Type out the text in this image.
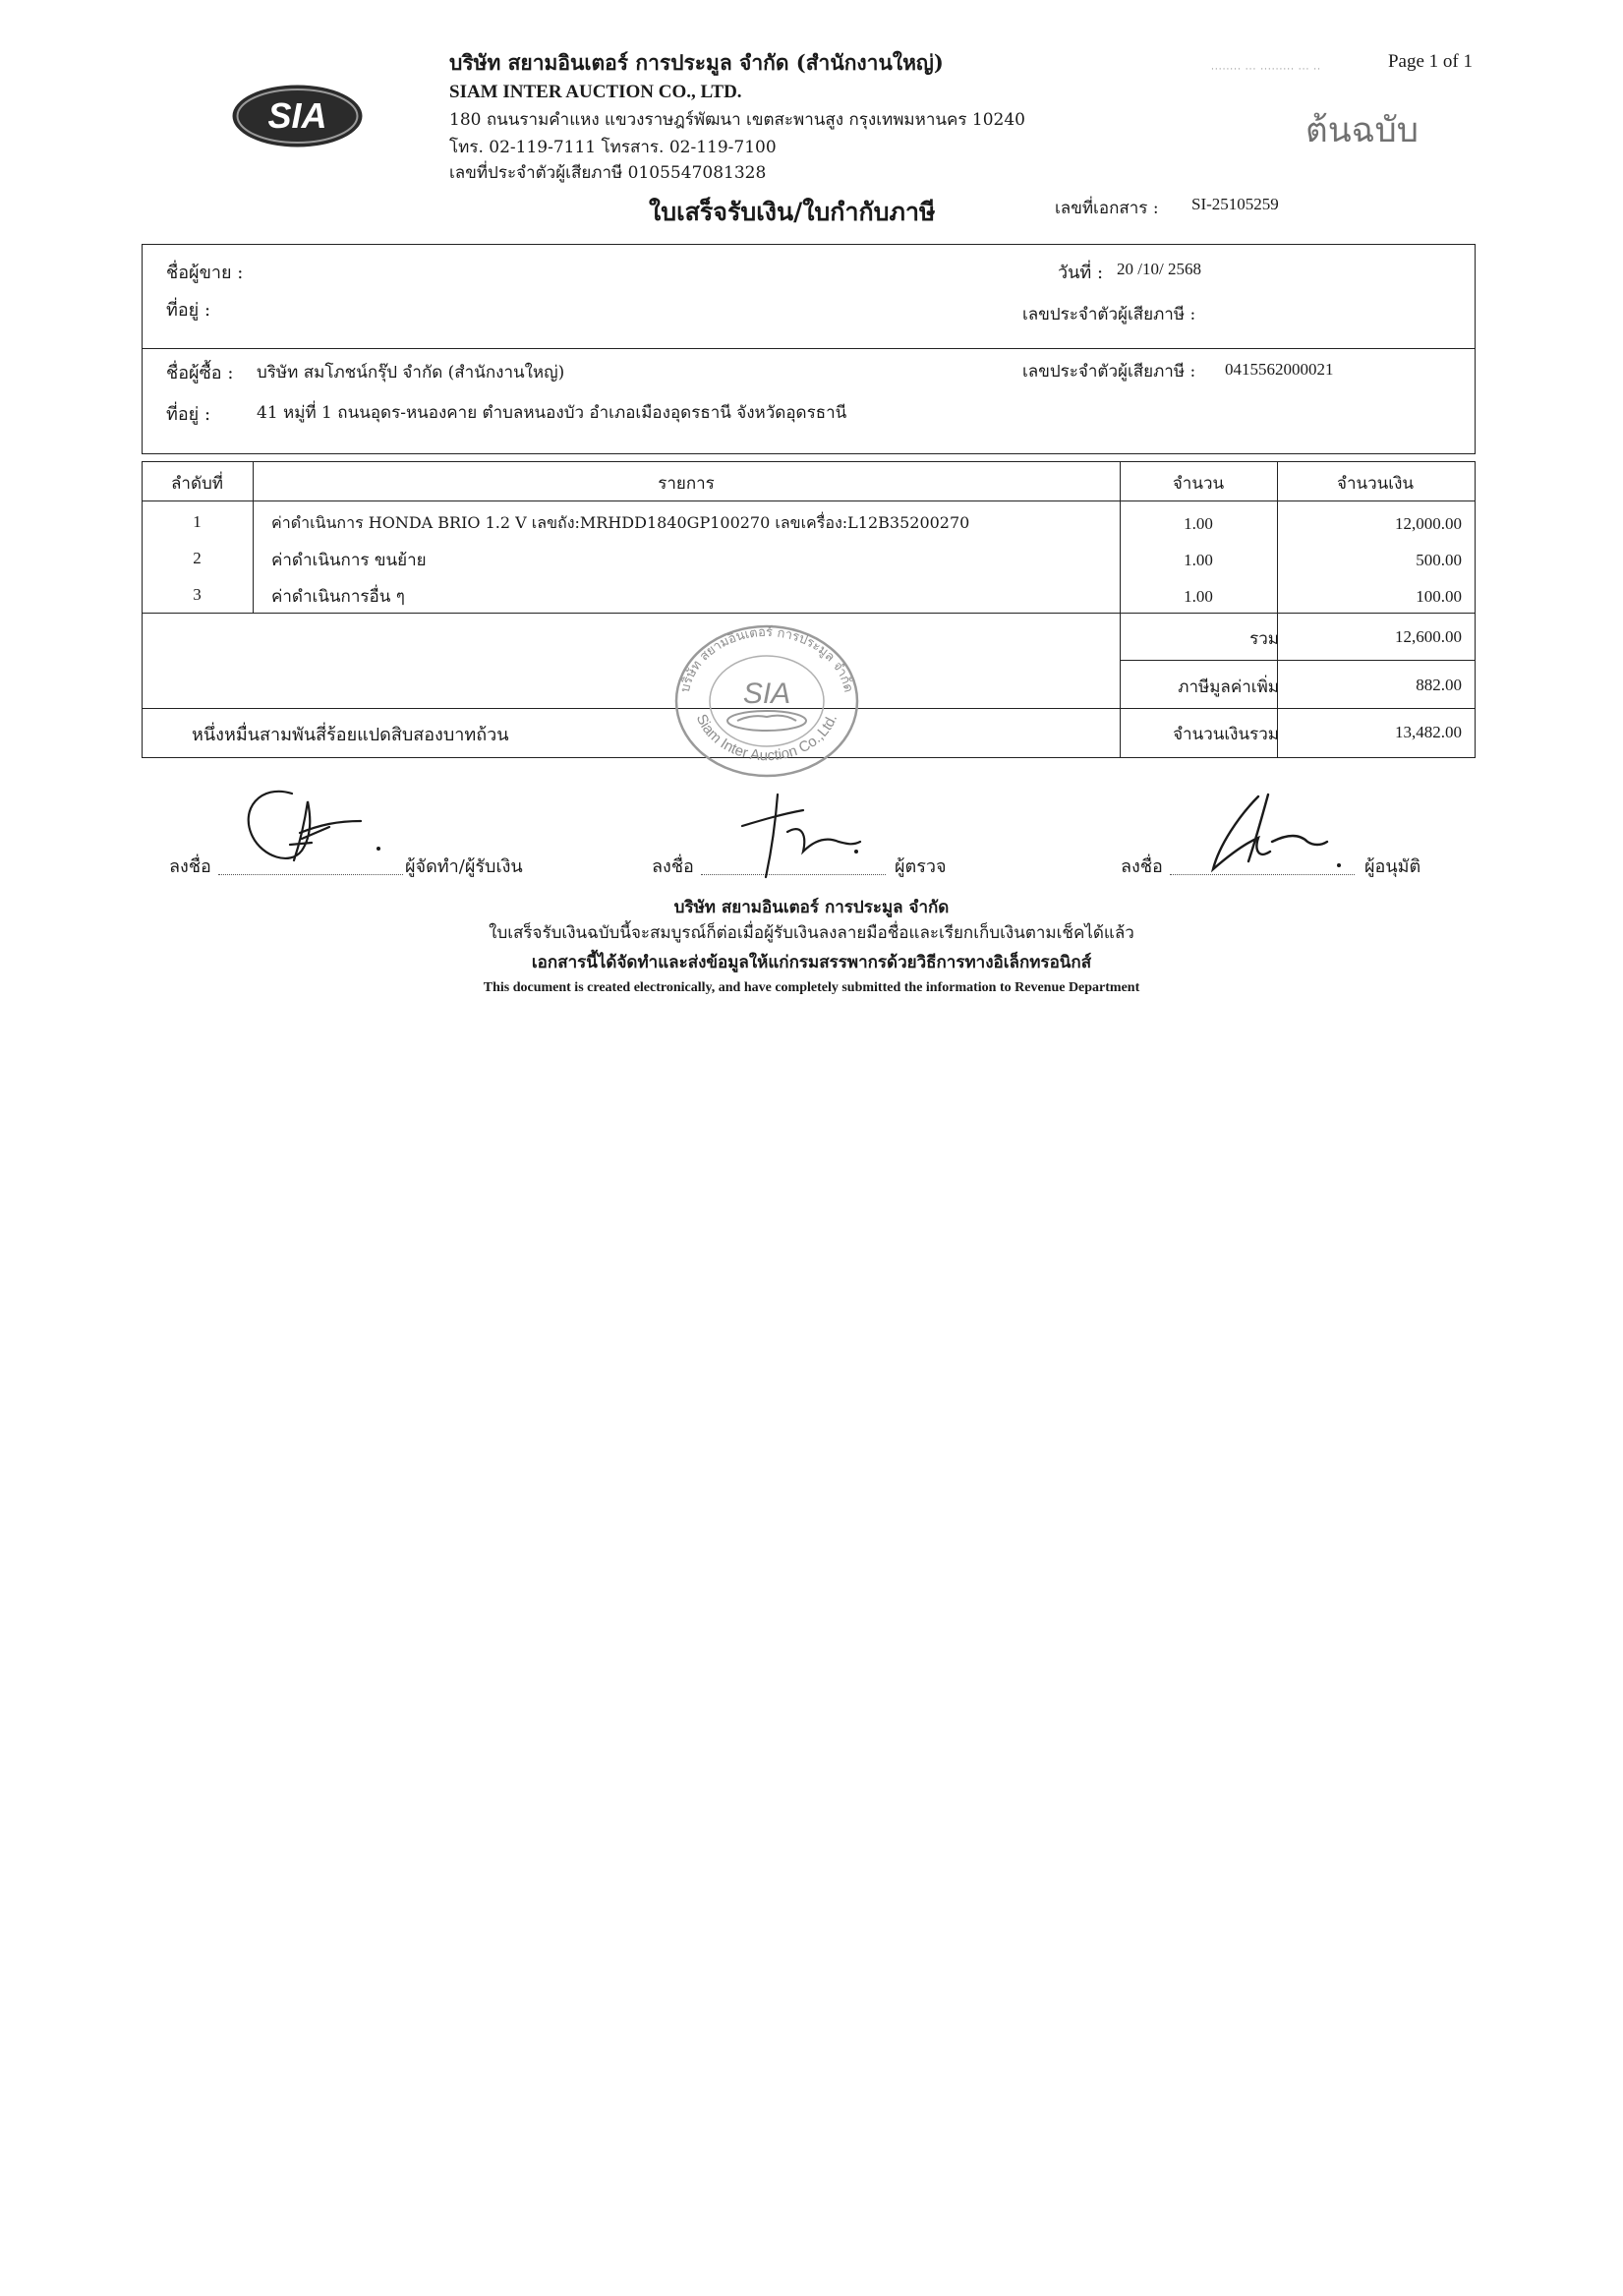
SIA
บริษัท สยามอินเตอร์ การประมูล จำกัด (สำนักงานใหญ่)
SIAM INTER AUCTION CO., LTD.
180 ถนนรามคำแหง แขวงราษฎร์พัฒนา เขตสะพานสูง กรุงเทพมหานคร 10240
โทร. 02-119-7111 โทรสาร. 02-119-7100
เลขที่ประจำตัวผู้เสียภาษี 0105547081328
Page 1 of 1
········ ··· ········· ··· ··
ต้นฉบับ
ใบเสร็จรับเงิน/ใบกำกับภาษี	เลขที่เอกสาร : SI-25105259
ชื่อผู้ขาย :
ที่อยู่ :
วันที่ : 20 /10/ 2568
เลขประจำตัวผู้เสียภาษี :
ชื่อผู้ซื้อ : บริษัท สมโภชน์กรุ๊ป จำกัด (สำนักงานใหญ่)	เลขประจำตัวผู้เสียภาษี : 0415562000021
ที่อยู่ :	41 หมู่ที่ 1 ถนนอุดร-หนองคาย ตำบลหนองบัว อำเภอเมืองอุดรธานี จังหวัดอุดรธานี
ลำดับที่	รายการ	จำนวน	จำนวนเงิน
1	ค่าดำเนินการ HONDA BRIO 1.2 V เลขถัง:MRHDD1840GP100270 เลขเครื่อง:L12B35200270	1.00	12,000.00
2	ค่าดำเนินการ ขนย้าย	1.00	500.00
3	ค่าดำเนินการอื่น ๆ	1.00	100.00
รวม	12,600.00
ภาษีมูลค่าเพิ่ม	882.00
หนึ่งหมื่นสามพันสี่ร้อยแปดสิบสองบาทถ้วน	จำนวนเงินรวม	13,482.00
บริษัท สยามอินเตอร์ การประมูล จำกัด
Siam Inter Auction Co.,Ltd.
SIA
ลงชื่อ	ผู้จัดทำ/ผู้รับเงิน	ลงชื่อ	ผู้ตรวจ	ลงชื่อ	ผู้อนุมัติ
บริษัท สยามอินเตอร์ การประมูล จำกัด
ใบเสร็จรับเงินฉบับนี้จะสมบูรณ์ก็ต่อเมื่อผู้รับเงินลงลายมือชื่อและเรียกเก็บเงินตามเช็คได้แล้ว
เอกสารนี้ได้จัดทำและส่งข้อมูลให้แก่กรมสรรพากรด้วยวิธีการทางอิเล็กทรอนิกส์
This document is created electronically, and have completely submitted the information to Revenue Department
